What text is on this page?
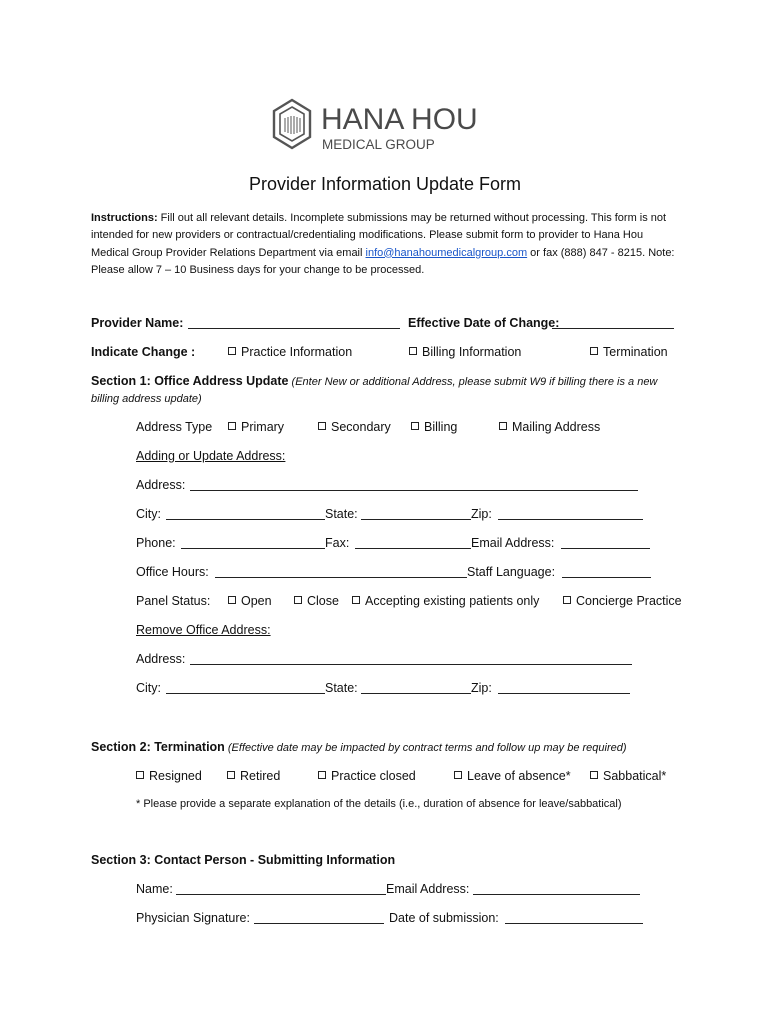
HANA HOU
MEDICAL GROUP
Provider Information Update Form
Instructions: Fill out all relevant details. Incomplete submissions may be returned without processing. This form is not intended for new providers or contractual/credentialing modifications. Please submit form to provider to Hana Hou Medical Group Provider Relations Department via email info@hanahoumedicalgroup.com or fax (888) 847 - 8215. Note: Please allow 7 – 10 Business days for your change to be processed.
Provider Name:	Effective Date of Change:
Indicate Change :	Practice Information	Billing Information	Termination
Section 1: Office Address Update (Enter New or additional Address, please submit W9 if billing there is a new
billing address update)
Address Type	Primary	Secondary	Billing	Mailing Address
Adding or Update Address:
Address:
City:	State:	Zip:
Phone:	Fax:	Email Address:
Office Hours:	Staff Language:
Panel Status:	Open	Close	Accepting existing patients only	Concierge Practice
Remove Office Address:
Address:
City:	State:	Zip:
Section 2: Termination (Effective date may be impacted by contract terms and follow up may be required)
Resigned	Retired	Practice closed	Leave of absence*	Sabbatical*
* Please provide a separate explanation of the details (i.e., duration of absence for leave/sabbatical)
Section 3: Contact Person - Submitting Information
Name:	Email Address:
Physician Signature:	Date of submission:
